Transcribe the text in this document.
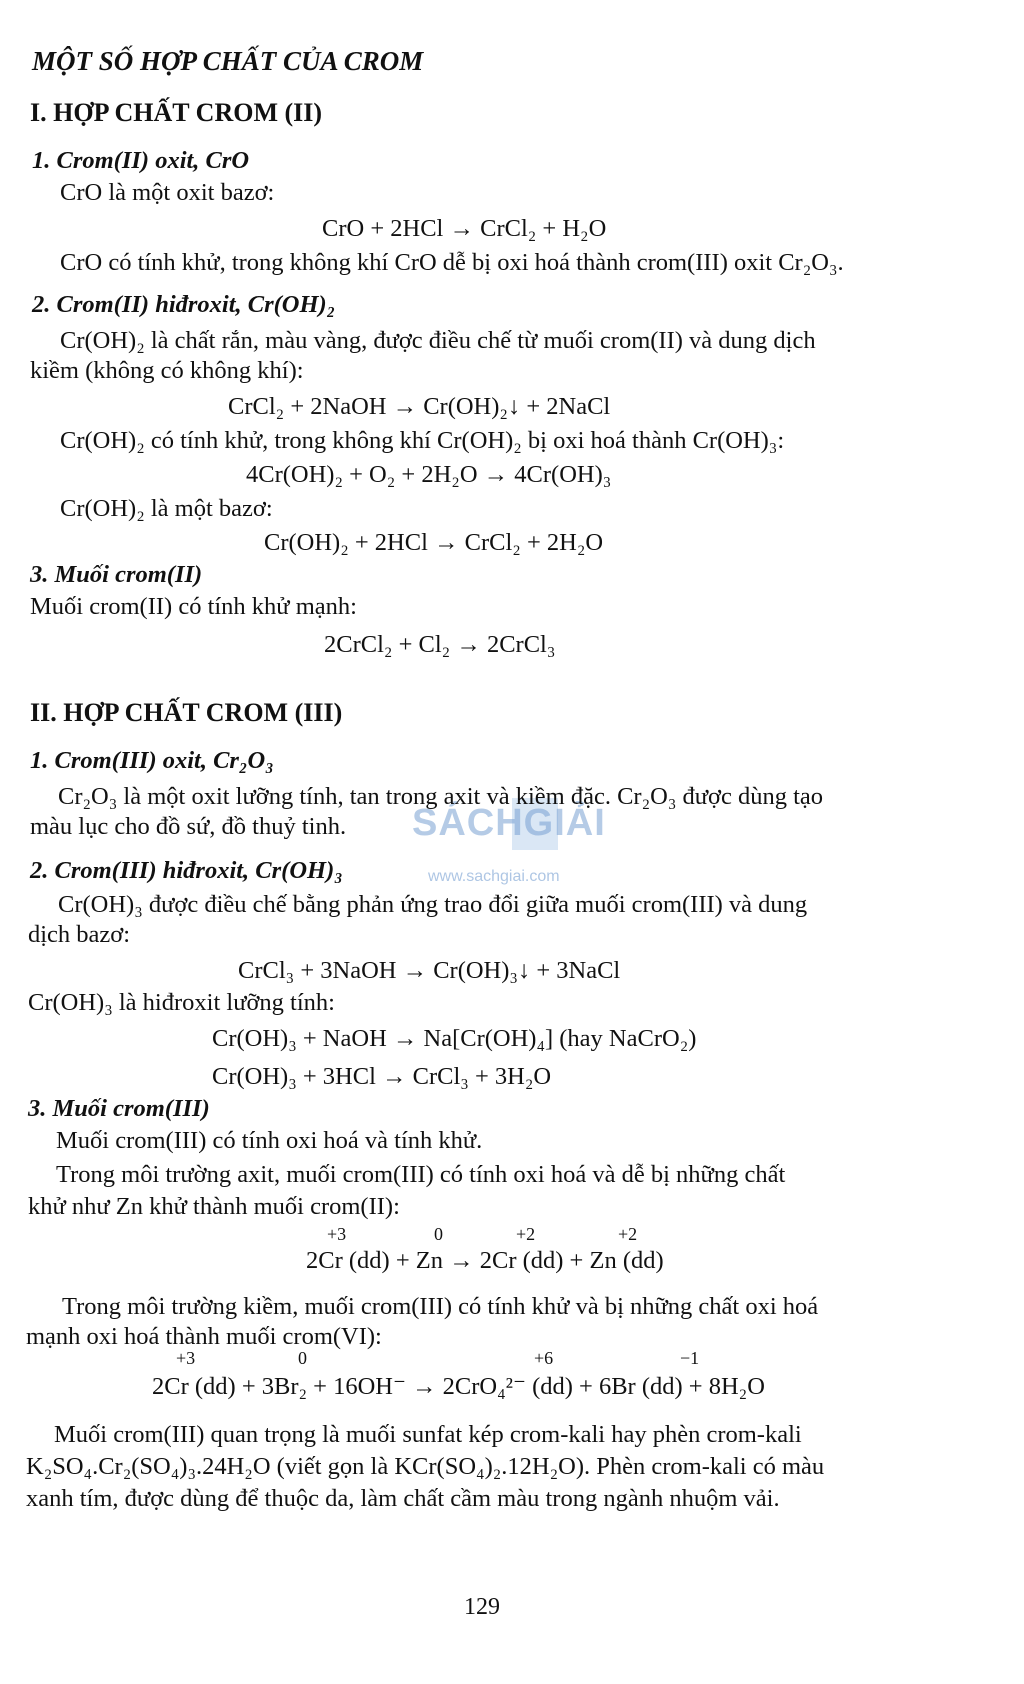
SÁCHGIẢI
www.sachgiai.com
MỘT SỐ HỢP CHẤT CỦA CROM
I. HỢP CHẤT CROM (II)
1. Crom(II) oxit, CrO
CrO là một oxit bazơ:
CrO + 2HCl → CrCl₂ + H₂O
CrO có tính khử, trong không khí CrO dễ bị oxi hoá thành crom(III) oxit Cr₂O₃.
2. Crom(II) hiđroxit, Cr(OH)₂
Cr(OH)₂ là chất rắn, màu vàng, được điều chế từ muối crom(II) và dung dịch
kiềm (không có không khí):
CrCl₂ + 2NaOH → Cr(OH)₂↓ + 2NaCl
Cr(OH)₂ có tính khử, trong không khí Cr(OH)₂ bị oxi hoá thành Cr(OH)₃:
4Cr(OH)₂ + O₂ + 2H₂O → 4Cr(OH)₃
Cr(OH)₂ là một bazơ:
Cr(OH)₂ + 2HCl → CrCl₂ + 2H₂O
3. Muối crom(II)
Muối crom(II) có tính khử mạnh:
2CrCl₂ + Cl₂ → 2CrCl₃
II. HỢP CHẤT CROM (III)
1. Crom(III) oxit, Cr₂O₃
Cr₂O₃ là một oxit lưỡng tính, tan trong axit và kiềm đặc. Cr₂O₃ được dùng tạo
màu lục cho đồ sứ, đồ thuỷ tinh.
2. Crom(III) hiđroxit, Cr(OH)₃
Cr(OH)₃ được điều chế bằng phản ứng trao đổi giữa muối crom(III) và dung
dịch bazơ:
CrCl₃ + 3NaOH → Cr(OH)₃↓ + 3NaCl
Cr(OH)₃ là hiđroxit lưỡng tính:
Cr(OH)₃ + NaOH → Na[Cr(OH)₄] (hay NaCrO₂)
Cr(OH)₃ + 3HCl → CrCl₃ + 3H₂O
3. Muối crom(III)
Muối crom(III) có tính oxi hoá và tính khử.
Trong môi trường axit, muối crom(III) có tính oxi hoá và dễ bị những chất
khử như Zn khử thành muối crom(II):
+3	0	+2	+2
2Cr (dd) + Zn → 2Cr (dd) + Zn (dd)
Trong môi trường kiềm, muối crom(III) có tính khử và bị những chất oxi hoá
mạnh oxi hoá thành muối crom(VI):
+3	0	+6	−1
2Cr (dd) + 3Br₂ + 16OH⁻ → 2CrO₄²⁻ (dd) + 6Br (dd) + 8H₂O
Muối crom(III) quan trọng là muối sunfat kép crom-kali hay phèn crom-kali
K₂SO₄.Cr₂(SO₄)₃.24H₂O (viết gọn là KCr(SO₄)₂.12H₂O). Phèn crom-kali có màu
xanh tím, được dùng để thuộc da, làm chất cầm màu trong ngành nhuộm vải.
129
